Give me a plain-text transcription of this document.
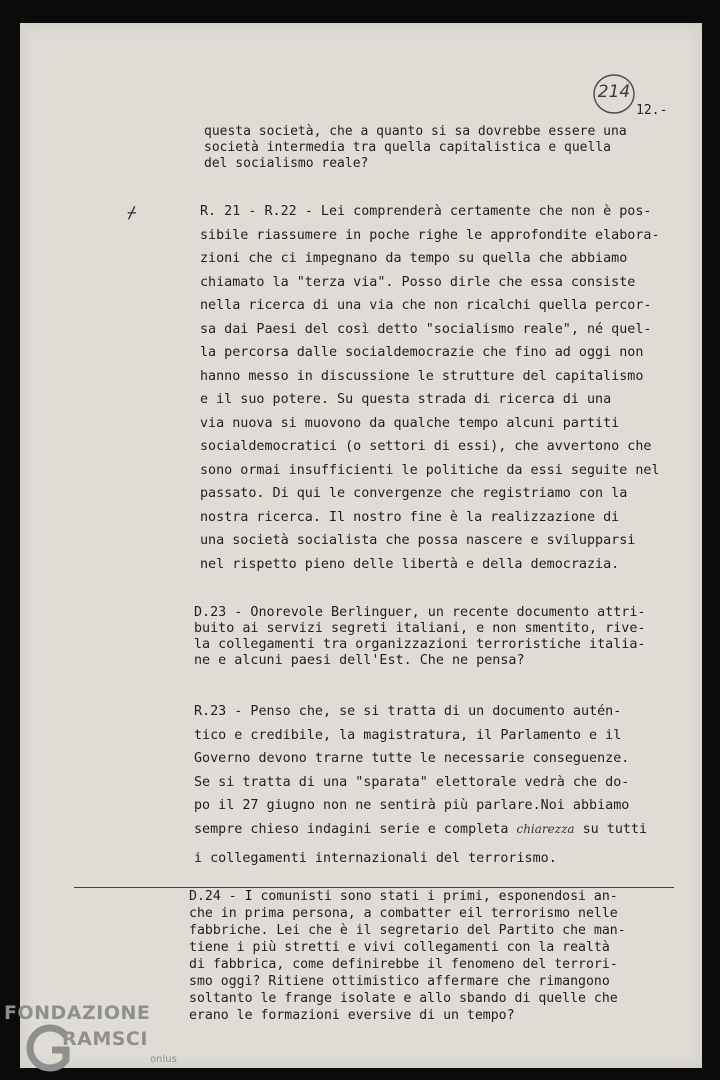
214
12.-
⌿

questa società, che a quanto si sa dovrebbe essere una
società intermedia tra quella capitalistica e quella
del socialismo reale?

R. 21 - R.22 - Lei comprenderà certamente che non è pos-
sibile riassumere in poche righe le approfondite elabora-
zioni che ci impegnano da tempo su quella che abbiamo
chiamato la "terza via". Posso dirle che essa consiste
nella ricerca di una via che non ricalchi quella percor-
sa dai Paesi del così detto "socialismo reale", né quel-
la percorsa dalle socialdemocrazie che fino ad oggi non
hanno messo in discussione le strutture del capitalismo
e il suo potere. Su questa strada di ricerca di una
via nuova si muovono da qualche tempo alcuni partiti
socialdemocratici (o settori di essi), che avvertono che
sono ormai insufficienti le politiche da essi seguite nel
passato. Di qui le convergenze che registriamo con la
nostra ricerca. Il nostro fine è la realizzazione di
una società socialista che possa nascere e svilupparsi
nel rispetto pieno delle libertà e della democrazia.

D.23 - Onorevole Berlinguer, un recente documento attri-
buito ai servizi segreti italiani, e non smentito, rive-
la collegamenti tra organizzazioni terroristiche italia-
ne e alcuni paesi dell'Est. Che ne pensa?

R.23 - Penso che, se si tratta di un documento autén-
tico e credibile, la magistratura, il Parlamento e il
Governo devono trarne tutte le necessarie conseguenze.
Se si tratta di una "sparata" elettorale vedrà che do-
po il 27 giugno non ne sentirà più parlare.Noi abbiamo
sempre chieso indagini serie e completa chiarezza su tutti
i collegamenti internazionali del terrorismo.

D.24 - I comunisti sono stati i primi, esponendosi an-
che in prima persona, a combatter eil terrorismo nelle
fabbriche. Lei che è il segretario del Partito che man-
tiene i più stretti e vivi collegamenti con la realtà
di fabbrica, come definirebbe il fenomeno del terrori-
smo oggi? Ritiene ottimistico affermare che rimangono
soltanto le frange isolate e allo sbando di quelle che
erano le formazioni eversive di un tempo?

FONDAZIONE
RAMSCI
onlus
